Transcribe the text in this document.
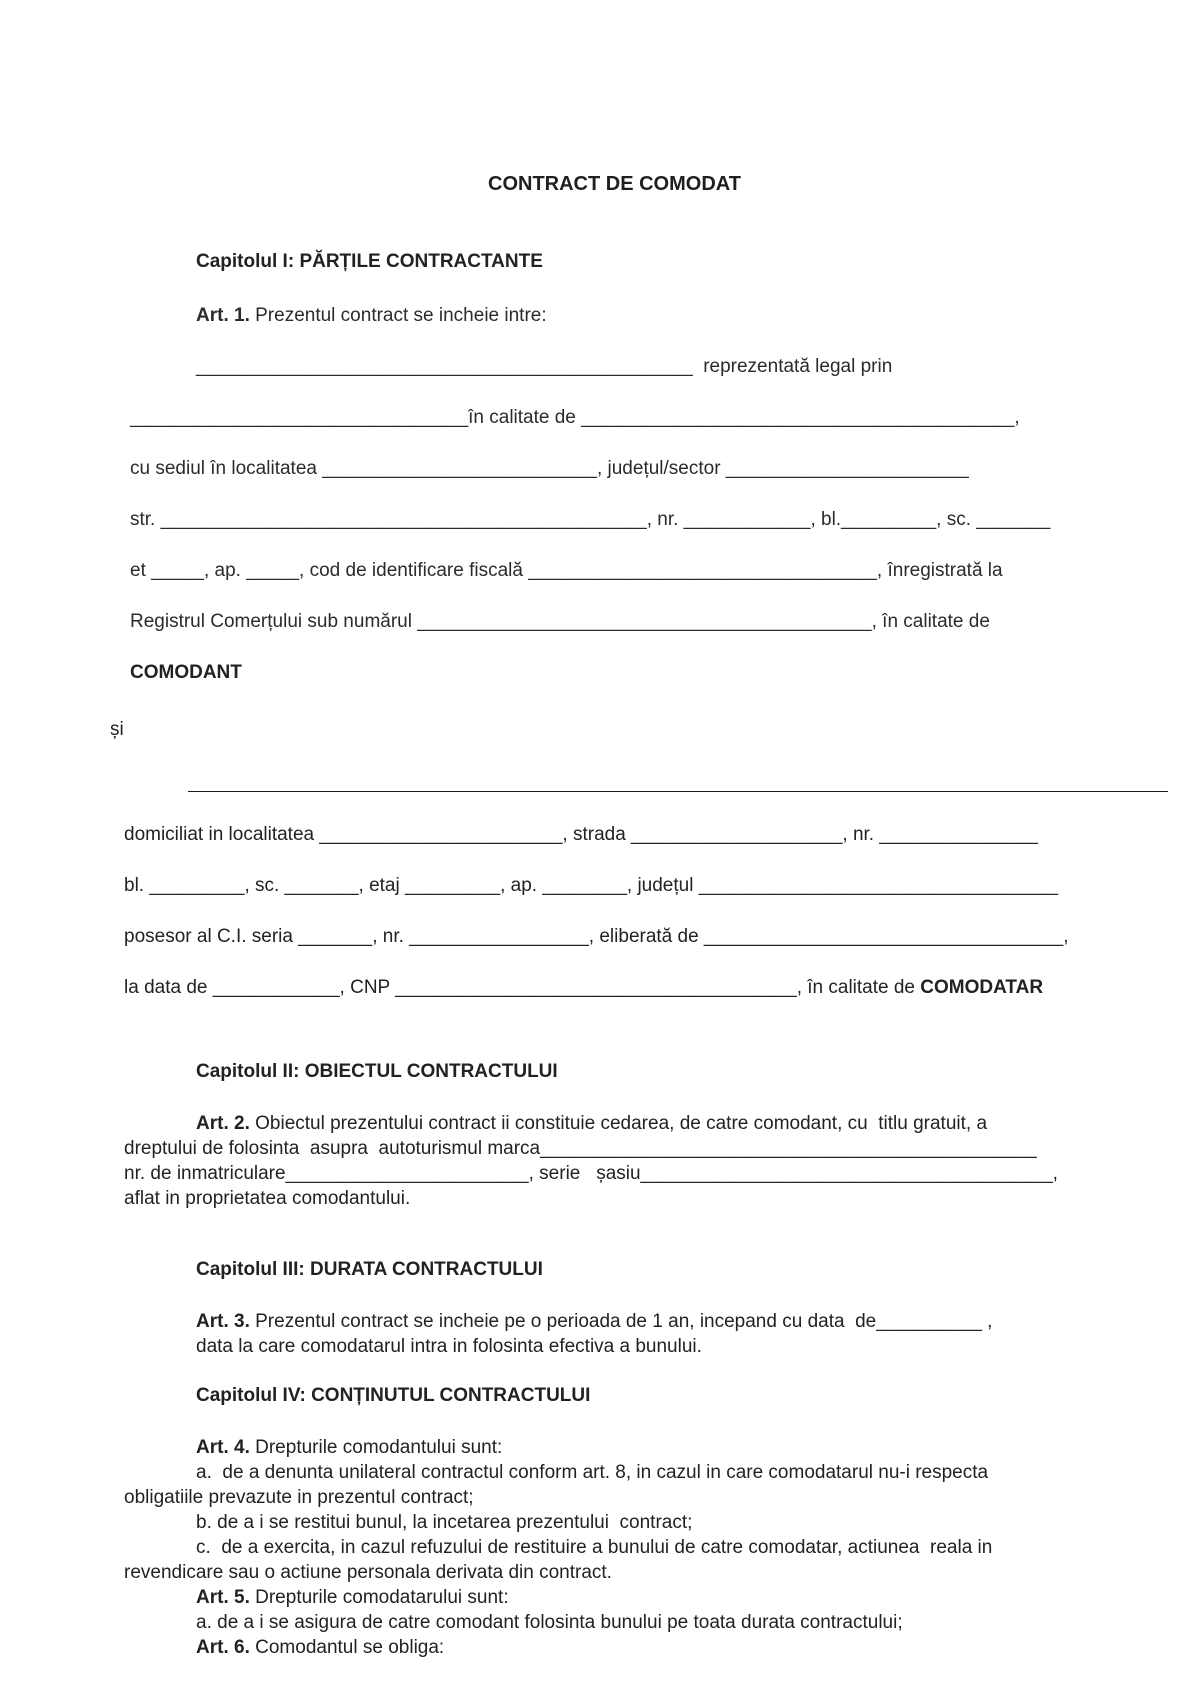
CONTRACT DE COMODAT
Capitolul I: PĂRȚILE CONTRACTANTE
Art. 1. Prezentul contract se incheie intre:
_______________________________________________  reprezentată legal prin
________________________________în calitate de _________________________________________,
cu sediul în localitatea __________________________, județul/sector _______________________
str. ______________________________________________, nr. ____________, bl._________, sc. _______
et _____, ap. _____, cod de identificare fiscală _________________________________, înregistrată la
Registrul Comerțului sub numărul ___________________________________________, în calitate de
COMODANT
și
domiciliat in localitatea _______________________, strada ____________________, nr. _______________
bl. _________, sc. _______, etaj _________, ap. ________, județul __________________________________
posesor al C.I. seria _______, nr. _________________, eliberată de __________________________________,
la data de ____________, CNP ______________________________________, în calitate de COMODATAR
Capitolul II: OBIECTUL CONTRACTULUI
Art. 2. Obiectul prezentului contract ii constituie cedarea, de catre comodant, cu  titlu gratuit, a
dreptului de folosinta  asupra  autoturismul marca_______________________________________________
nr. de inmatriculare_______________________, serie   șasiu_______________________________________,
aflat in proprietatea comodantului.
Capitolul III: DURATA CONTRACTULUI
Art. 3. Prezentul contract se incheie pe o perioada de 1 an, incepand cu data  de__________ ,
data la care comodatarul intra in folosinta efectiva a bunului.
Capitolul IV: CONȚINUTUL CONTRACTULUI
Art. 4. Drepturile comodantului sunt:
a.  de a denunta unilateral contractul conform art. 8, in cazul in care comodatarul nu-i respecta
obligatiile prevazute in prezentul contract;
b. de a i se restitui bunul, la incetarea prezentului  contract;
c.  de a exercita, in cazul refuzului de restituire a bunului de catre comodatar, actiunea  reala in
revendicare sau o actiune personala derivata din contract.
Art. 5. Drepturile comodatarului sunt:
a. de a i se asigura de catre comodant folosinta bunului pe toata durata contractului;
Art. 6. Comodantul se obliga:
